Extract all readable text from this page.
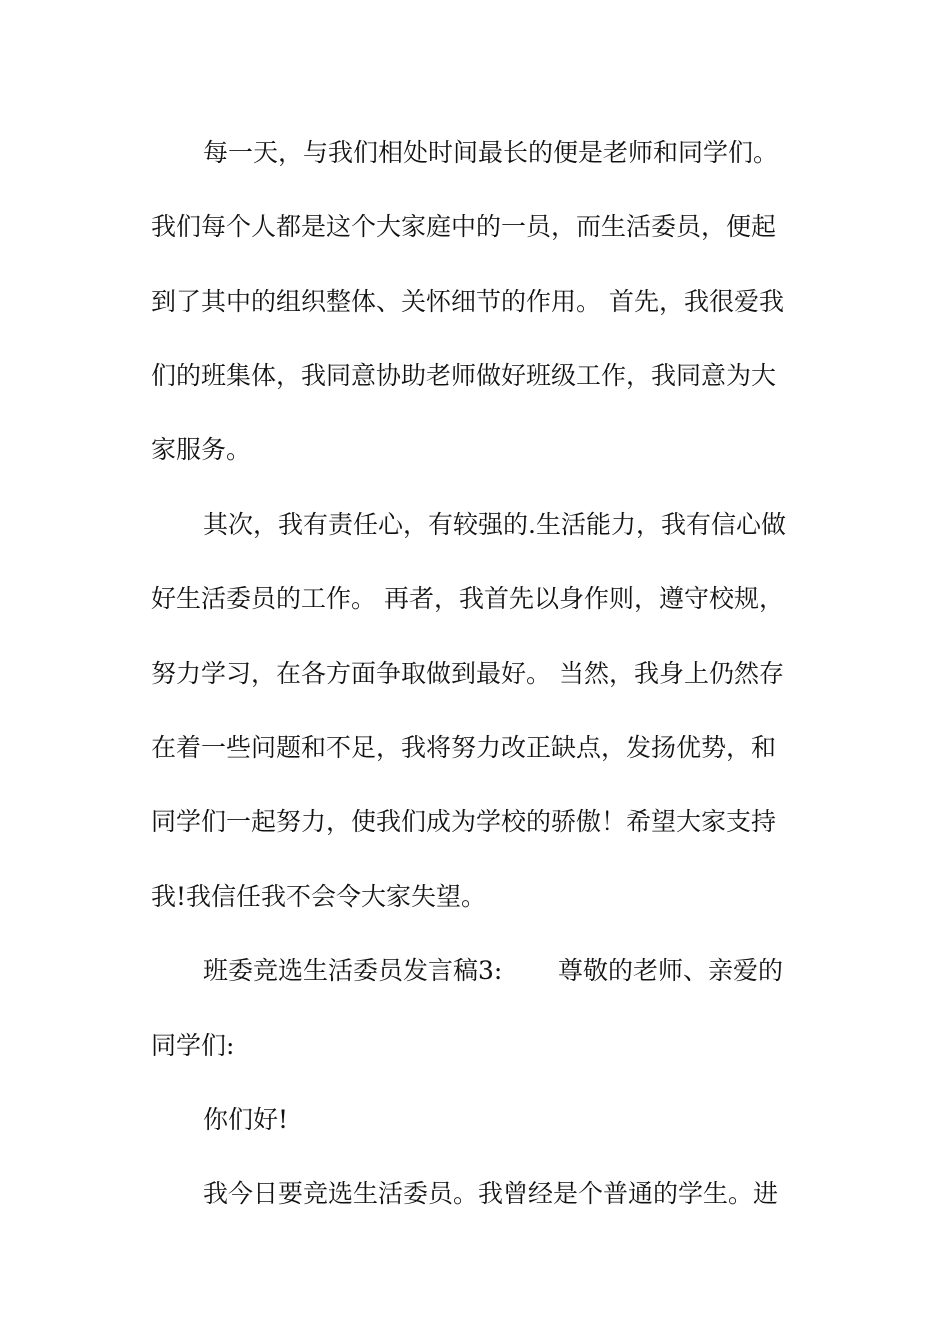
每一天，与我们相处时间最长的便是老师和同学们。
我们每个人都是这个大家庭中的一员，而生活委员，便起
到了其中的组织整体、关怀细节的作用。 首先，我很爱我
们的班集体，我同意协助老师做好班级工作，我同意为大
家服务。
其次，我有责任心，有较强的.生活能力，我有信心做
好生活委员的工作。 再者，我首先以身作则，遵守校规，
努力学习，在各方面争取做到最好。 当然，我身上仍然存
在着一些问题和不足，我将努力改正缺点，发扬优势，和
同学们一起努力，使我们成为学校的骄傲！希望大家支持
我!我信任我不会令大家失望。
班委竞选生活委员发言稿3:       尊敬的老师、亲爱的
同学们:
你们好!
我今日要竞选生活委员。我曾经是个普通的学生。进
